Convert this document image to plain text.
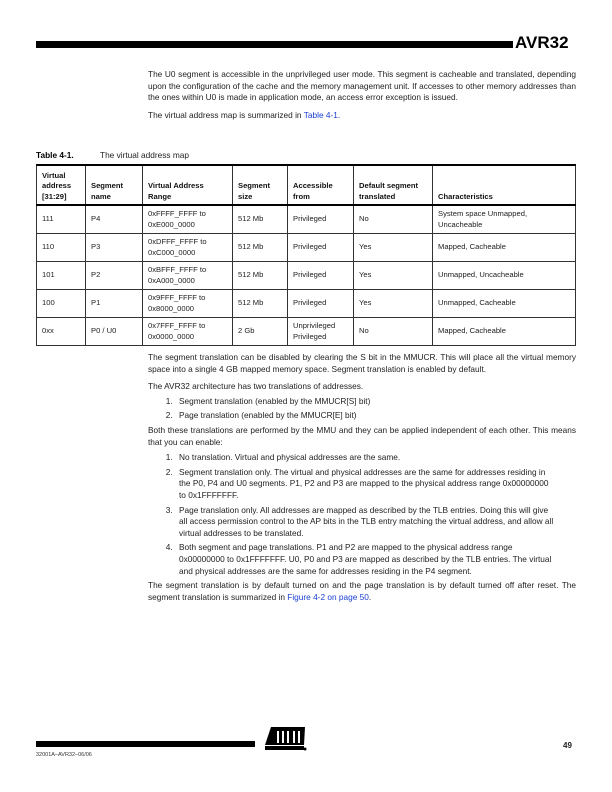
AVR32

The U0 segment is accessible in the unprivileged user mode. This segment is cacheable and translated, depending upon the configuration of the cache and the memory management unit. If accesses to other memory addresses than the ones within U0 is made in application mode, an access error exception is issued.

The virtual address map is summarized in Table 4-1.

Table 4-1.	The virtual address map
Virtual address [31:29]	Segment name	Virtual Address Range	Segment size	Accessible from	Default segment translated	Characteristics
111	P4	0xFFFF_FFFF to 0xE000_0000	512 Mb	Privileged	No	System space Unmapped, Uncacheable
110	P3	0xDFFF_FFFF to 0xC000_0000	512 Mb	Privileged	Yes	Mapped, Cacheable
101	P2	0xBFFF_FFFF to 0xA000_0000	512 Mb	Privileged	Yes	Unmapped, Uncacheable
100	P1	0x9FFF_FFFF to 0x8000_0000	512 Mb	Privileged	Yes	Unmapped, Cacheable
0xx	P0 / U0	0x7FFF_FFFF to 0x0000_0000	2 Gb	Unprivileged Privileged	No	Mapped, Cacheable

The segment translation can be disabled by clearing the S bit in the MMUCR. This will place all the virtual memory space into a single 4 GB mapped memory space. Segment translation is enabled by default.

The AVR32 architecture has two translations of addresses.

1. Segment translation (enabled by the MMUCR[S] bit)
2. Page translation (enabled by the MMUCR[E] bit)

Both these translations are performed by the MMU and they can be applied independent of each other. This means that you can enable:

1. No translation. Virtual and physical addresses are the same.
2. Segment translation only. The virtual and physical addresses are the same for addresses residing in the P0, P4 and U0 segments. P1, P2 and P3 are mapped to the physical address range 0x00000000 to 0x1FFFFFFF.
3. Page translation only. All addresses are mapped as described by the TLB entries. Doing this will give all access permission control to the AP bits in the TLB entry matching the virtual address, and allow all virtual addresses to be translated.
4. Both segment and page translations. P1 and P2 are mapped to the physical address range 0x00000000 to 0x1FFFFFFF. U0, P0 and P3 are mapped as described by the TLB entries. The virtual and physical addresses are the same for addresses residing in the P4 segment.

The segment translation is by default turned on and the page translation is by default turned off after reset. The segment translation is summarized in Figure 4-2 on page 50.

32001A–AVR32–06/06
49
